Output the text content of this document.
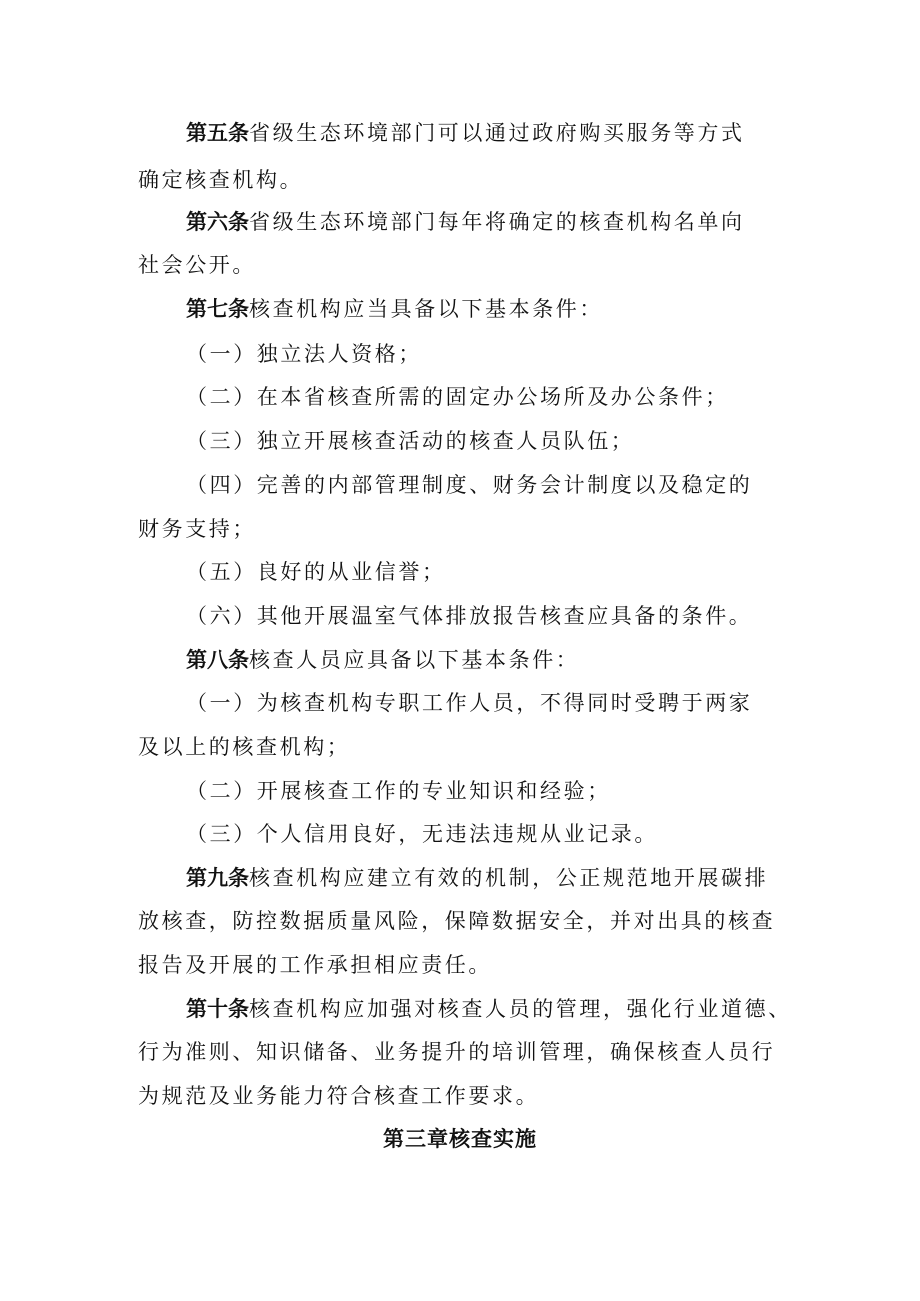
第五条省级生态环境部门可以通过政府购买服务等方式
确定核查机构。
第六条省级生态环境部门每年将确定的核查机构名单向
社会公开。
第七条核查机构应当具备以下基本条件：
（一）独立法人资格；
（二）在本省核查所需的固定办公场所及办公条件；
（三）独立开展核查活动的核查人员队伍；
（四）完善的内部管理制度、财务会计制度以及稳定的
财务支持；
（五）良好的从业信誉；
（六）其他开展温室气体排放报告核查应具备的条件。
第八条核查人员应具备以下基本条件：
（一）为核查机构专职工作人员，不得同时受聘于两家
及以上的核查机构；
（二）开展核查工作的专业知识和经验；
（三）个人信用良好，无违法违规从业记录。
第九条核查机构应建立有效的机制，公正规范地开展碳排
放核查，防控数据质量风险，保障数据安全，并对出具的核查
报告及开展的工作承担相应责任。
第十条核查机构应加强对核查人员的管理，强化行业道德、
行为准则、知识储备、业务提升的培训管理，确保核查人员行
为规范及业务能力符合核查工作要求。
第三章核查实施
